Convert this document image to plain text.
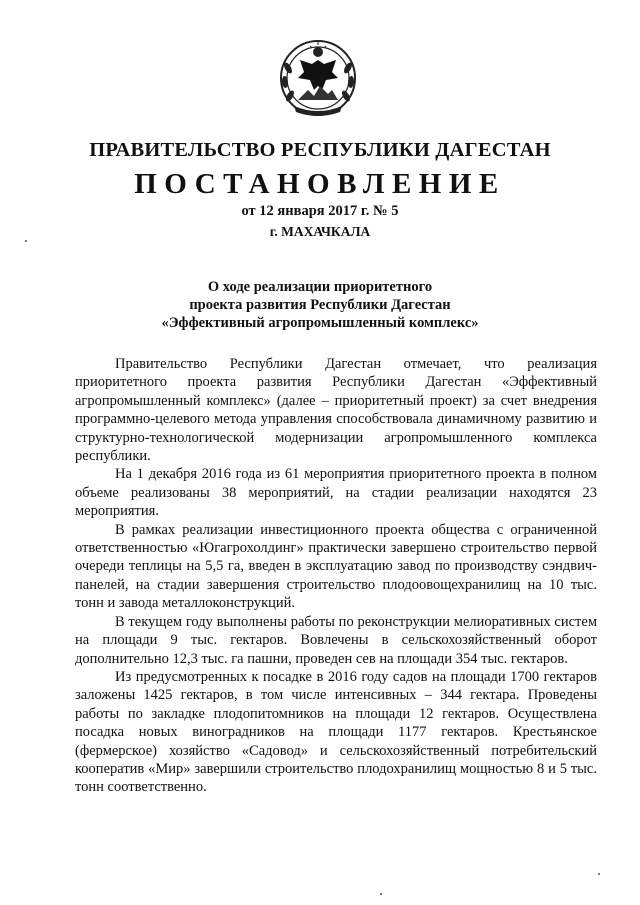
ПРАВИТЕЛЬСТВО РЕСПУБЛИКИ ДАГЕСТАН
ПОСТАНОВЛЕНИЕ
от 12 января 2017 г. № 5
г. МАХАЧКАЛА
О ходе реализации приоритетного
проекта развития Республики Дагестан
«Эффективный агропромышленный комплекс»

Правительство Республики Дагестан отмечает, что реализация приоритетного проекта развития Республики Дагестан «Эффективный агропромышленный комплекс» (далее – приоритетный проект) за счет внедрения программно-целевого метода управления способствовала динамичному развитию и структурно-технологической модернизации агропромышленного комплекса республики.

На 1 декабря 2016 года из 61 мероприятия приоритетного проекта в полном объеме реализованы 38 мероприятий, на стадии реализации находятся 23 мероприятия.

В рамках реализации инвестиционного проекта общества с ограниченной ответственностью «Югагрохолдинг» практически завершено строительство первой очереди теплицы на 5,5 га, введен в эксплуатацию завод по производству сэндвич-панелей, на стадии завершения строительство плодоовощехранилищ на 10 тыс. тонн и завода металлоконструкций.

В текущем году выполнены работы по реконструкции мелиоративных систем на площади 9 тыс. гектаров. Вовлечены в сельскохозяйственный оборот дополнительно 12,3 тыс. га пашни, проведен сев на площади 354 тыс. гектаров.

Из предусмотренных к посадке в 2016 году садов на площади 1700 гектаров заложены 1425 гектаров, в том числе интенсивных – 344 гектара. Проведены работы по закладке плодопитомников на площади 12 гектаров. Осуществлена посадка новых виноградников на площади 1177 гектаров. Крестьянское (фермерское) хозяйство «Садовод» и сельскохозяйственный потребительский кооператив «Мир» завершили строительство плодохранилищ мощностью 8 и 5 тыс. тонн соответственно.
